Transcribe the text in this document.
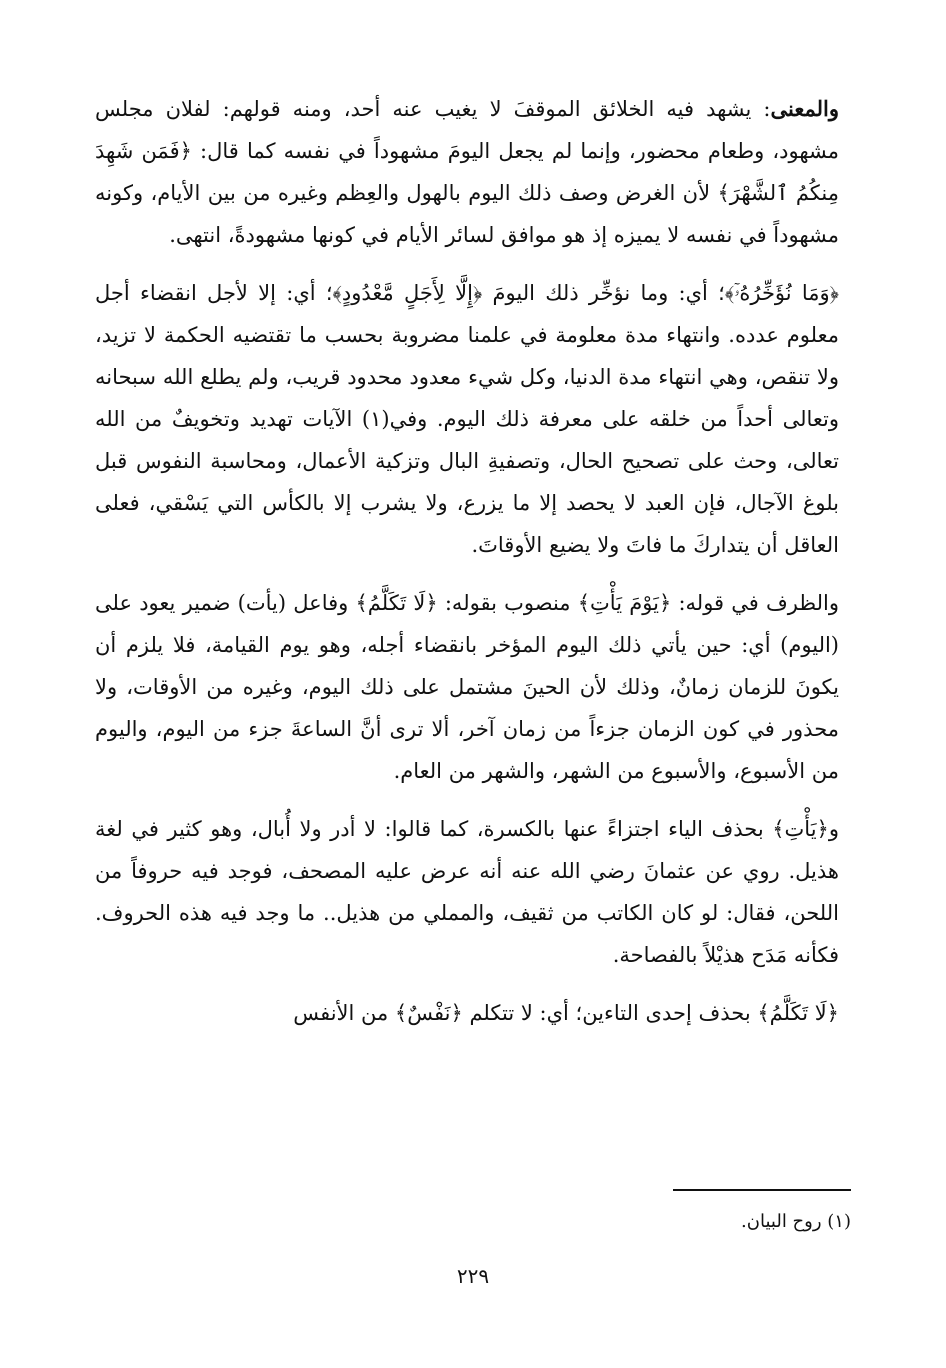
والمعنى: يشهد فيه الخلائق الموقفَ لا يغيب عنه أحد، ومنه قولهم: لفلان مجلس مشهود، وطعام محضور، وإنما لم يجعل اليومَ مشهوداً في نفسه كما قال: ﴿فَمَن شَهِدَ مِنكُمُ ٱلشَّهْرَ﴾ لأن الغرض وصف ذلك اليوم بالهول والعِظم وغيره من بين الأيام، وكونه مشهوداً في نفسه لا يميزه إذ هو موافق لسائر الأيام في كونها مشهودةً، انتهى.

﴿وَمَا نُؤَخِّرُهُۥٓ﴾؛ أي: وما نؤخِّر ذلك اليومَ ﴿إِلَّا لِأَجَلٍ مَّعْدُودٍ﴾؛ أي: إلا لأجل انقضاء أجل معلوم عدده. وانتهاء مدة معلومة في علمنا مضروبة بحسب ما تقتضيه الحكمة لا تزيد، ولا تنقص، وهي انتهاء مدة الدنيا، وكل شيء معدود محدود قريب، ولم يطلع الله سبحانه وتعالى أحداً من خلقه على معرفة ذلك اليوم. وفي(١) الآيات تهديد وتخويفٌ من الله تعالى، وحث على تصحيح الحال، وتصفيةِ البال وتزكية الأعمال، ومحاسبة النفوس قبل بلوغ الآجال، فإن العبد لا يحصد إلا ما يزرع، ولا يشرب إلا بالكأس التي يَسْقي، فعلى العاقل أن يتداركَ ما فاتَ ولا يضيع الأوقاتَ.

والظرف في قوله: ﴿يَوْمَ يَأْتِ﴾ منصوب بقوله: ﴿لَا تَكَلَّمُ﴾ وفاعل (يأت) ضمير يعود على (اليوم) أي: حين يأتي ذلك اليوم المؤخر بانقضاء أجله، وهو يوم القيامة، فلا يلزم أن يكونَ للزمان زمانٌ، وذلك لأن الحينَ مشتمل على ذلك اليوم، وغيره من الأوقات، ولا محذور في كون الزمان جزءاً من زمان آخر، ألا ترى أنَّ الساعةَ جزء من اليوم، واليوم من الأسبوع، والأسبوع من الشهر، والشهر من العام.

و﴿يَأْتِ﴾ بحذف الياء اجتزاءً عنها بالكسرة، كما قالوا: لا أدر ولا أُبال، وهو كثير في لغة هذيل. روي عن عثمانَ رضي الله عنه أنه عرض عليه المصحف، فوجد فيه حروفاً من اللحن، فقال: لو كان الكاتب من ثقيف، والمملي من هذيل.. ما وجد فيه هذه الحروف. فكأنه مَدَح هذيْلاً بالفصاحة.

﴿لَا تَكَلَّمُ﴾ بحذف إحدى التاءين؛ أي: لا تتكلم ﴿نَفْسٌ﴾ من الأنفس

(١) روح البيان.
٢٢٩
